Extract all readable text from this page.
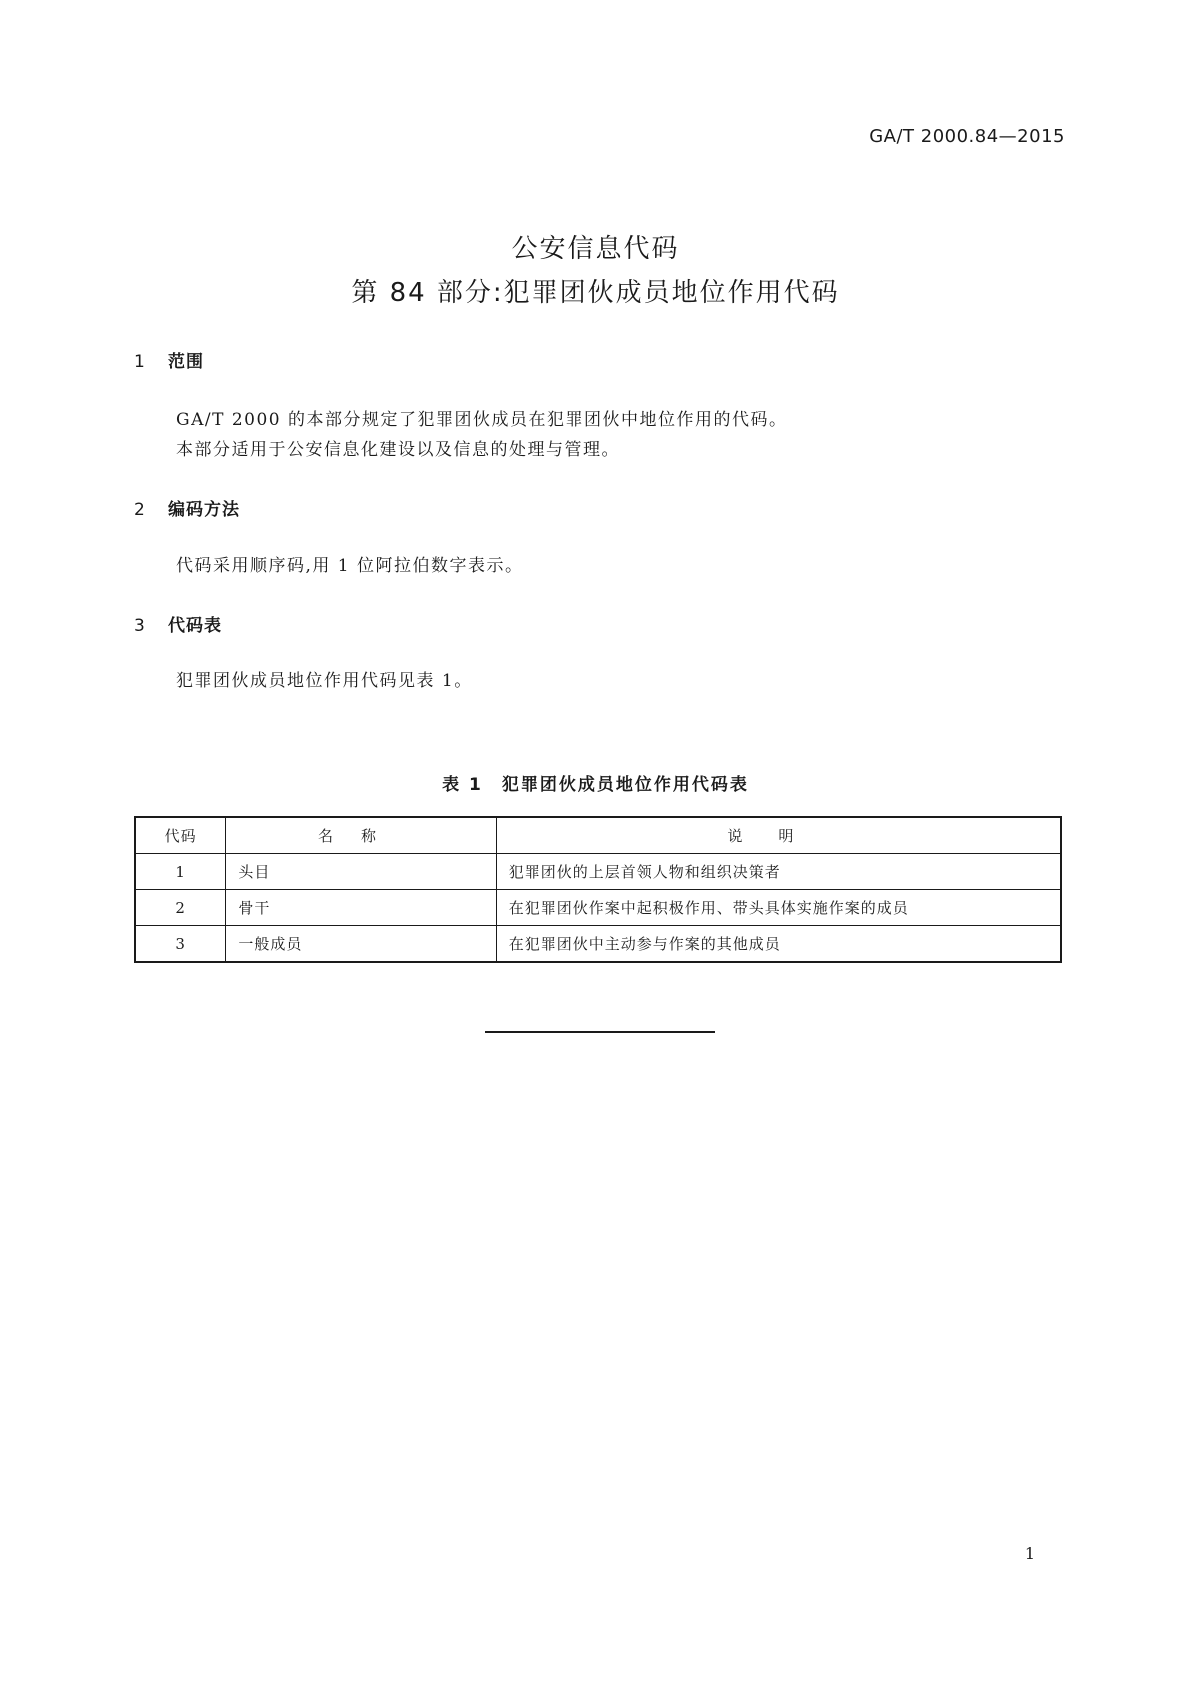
GA/T 2000.84—2015
公安信息代码
第 84 部分:犯罪团伙成员地位作用代码
1 范围
GA/T 2000 的本部分规定了犯罪团伙成员在犯罪团伙中地位作用的代码。
本部分适用于公安信息化建设以及信息的处理与管理。
2 编码方法
代码采用顺序码,用 1 位阿拉伯数字表示。
3 代码表
犯罪团伙成员地位作用代码见表 1。
表 1　犯罪团伙成员地位作用代码表
代码	名称	说明
1	头目	犯罪团伙的上层首领人物和组织决策者
2	骨干	在犯罪团伙作案中起积极作用、带头具体实施作案的成员
3	一般成员	在犯罪团伙中主动参与作案的其他成员
1
